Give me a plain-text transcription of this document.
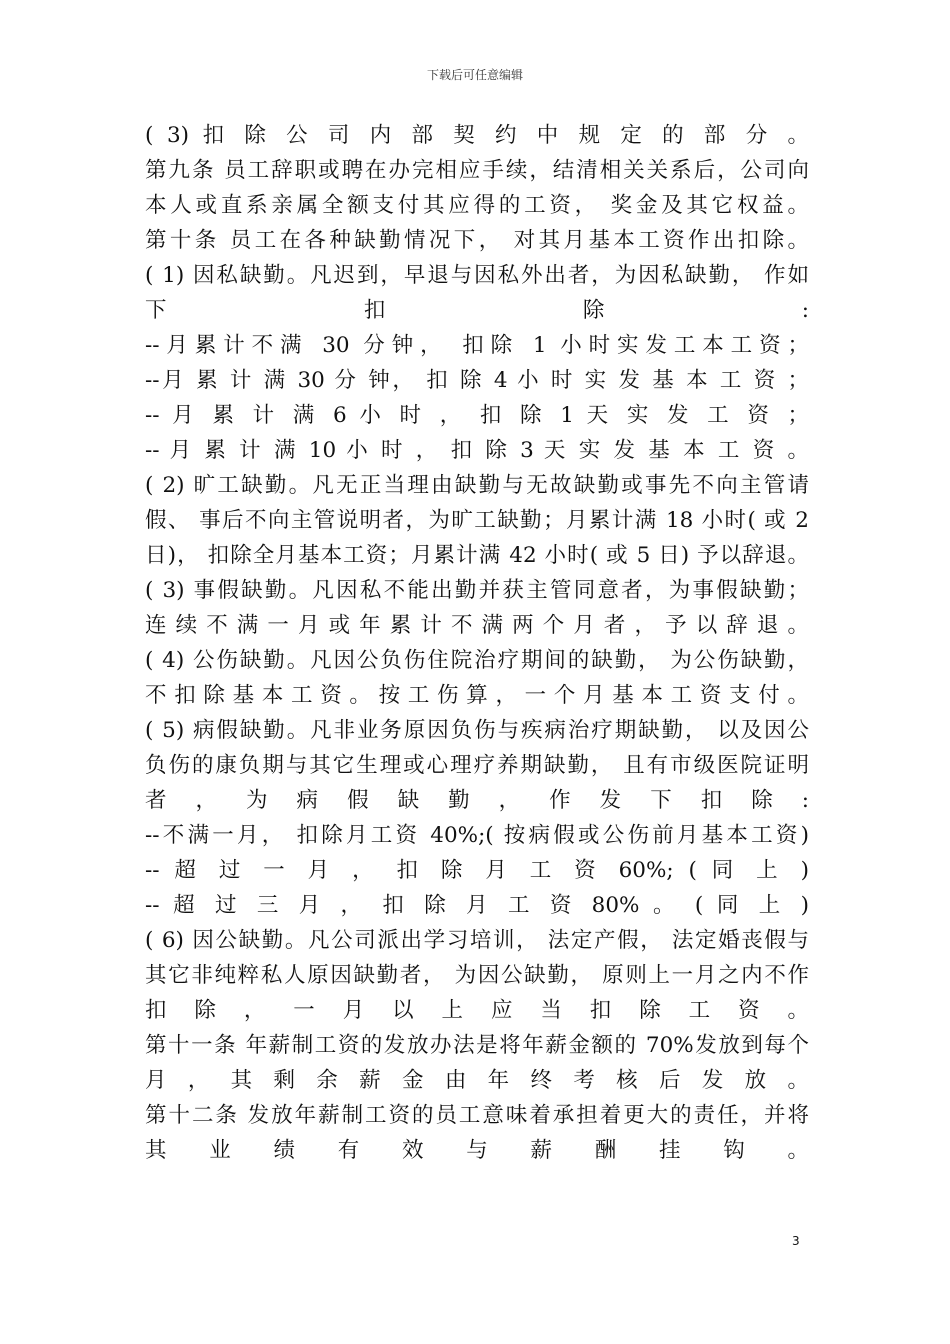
下载后可任意编辑
( 3) 扣 除 公 司 内 部 契 约 中 规 定 的 部 分 。
第九条 员工辞职或聘在办完相应手续，结清相关关系后，公司向
本人或直系亲属全额支付其应得的工资， 奖金及其它权益。
第十条 员工在各种缺勤情况下， 对其月基本工资作出扣除。
( 1) 因私缺勤。凡迟到，早退与因私外出者，为因私缺勤， 作如
下 扣 除 :
--月累计不满 30 分钟， 扣除 1 小时实发工本工资；
--月 累 计 满 30 分 钟， 扣 除 4 小 时 实 发 基 本 工 资 ；
-- 月 累 计 满 6 小 时 ， 扣 除 1 天 实 发 工 资 ；
-- 月 累 计 满 10 小 时 ， 扣 除 3 天 实 发 基 本 工 资 。
( 2) 旷工缺勤。凡无正当理由缺勤与无故缺勤或事先不向主管请
假、 事后不向主管说明者，为旷工缺勤；月累计满 18 小时( 或 2
日)， 扣除全月基本工资；月累计满 42 小时( 或 5 日) 予以辞退。
( 3) 事假缺勤。凡因私不能出勤并获主管同意者，为事假缺勤；
连 续 不 满 一 月 或 年 累 计 不 满 两 个 月 者 ， 予 以 辞 退 。
( 4) 公伤缺勤。凡因公负伤住院治疗期间的缺勤， 为公伤缺勤，
不 扣 除 基 本 工 资 。 按 工 伤 算 ， 一 个 月 基 本 工 资 支 付 。
( 5) 病假缺勤。凡非业务原因负伤与疾病治疗期缺勤， 以及因公
负伤的康负期与其它生理或心理疗养期缺勤， 且有市级医院证明
者 ， 为 病 假 缺 勤 ， 作 发 下 扣 除 :
--不满一月， 扣除月工资 40%;( 按病假或公伤前月基本工资)
-- 超 过 一 月 ， 扣 除 月 工 资 60%; ( 同 上 )
-- 超 过 三 月 ， 扣 除 月 工 资 80% 。 ( 同 上 )
( 6) 因公缺勤。凡公司派出学习培训， 法定产假， 法定婚丧假与
其它非纯粹私人原因缺勤者， 为因公缺勤， 原则上一月之内不作
扣 除 ， 一 月 以 上 应 当 扣 除 工 资 。
第十一条 年薪制工资的发放办法是将年薪金额的 70%发放到每个
月 ， 其 剩 余 薪 金 由 年 终 考 核 后 发 放 。
第十二条 发放年薪制工资的员工意味着承担着更大的责任，并将
其 业 绩 有 效 与 薪 酬 挂 钩 。
3
